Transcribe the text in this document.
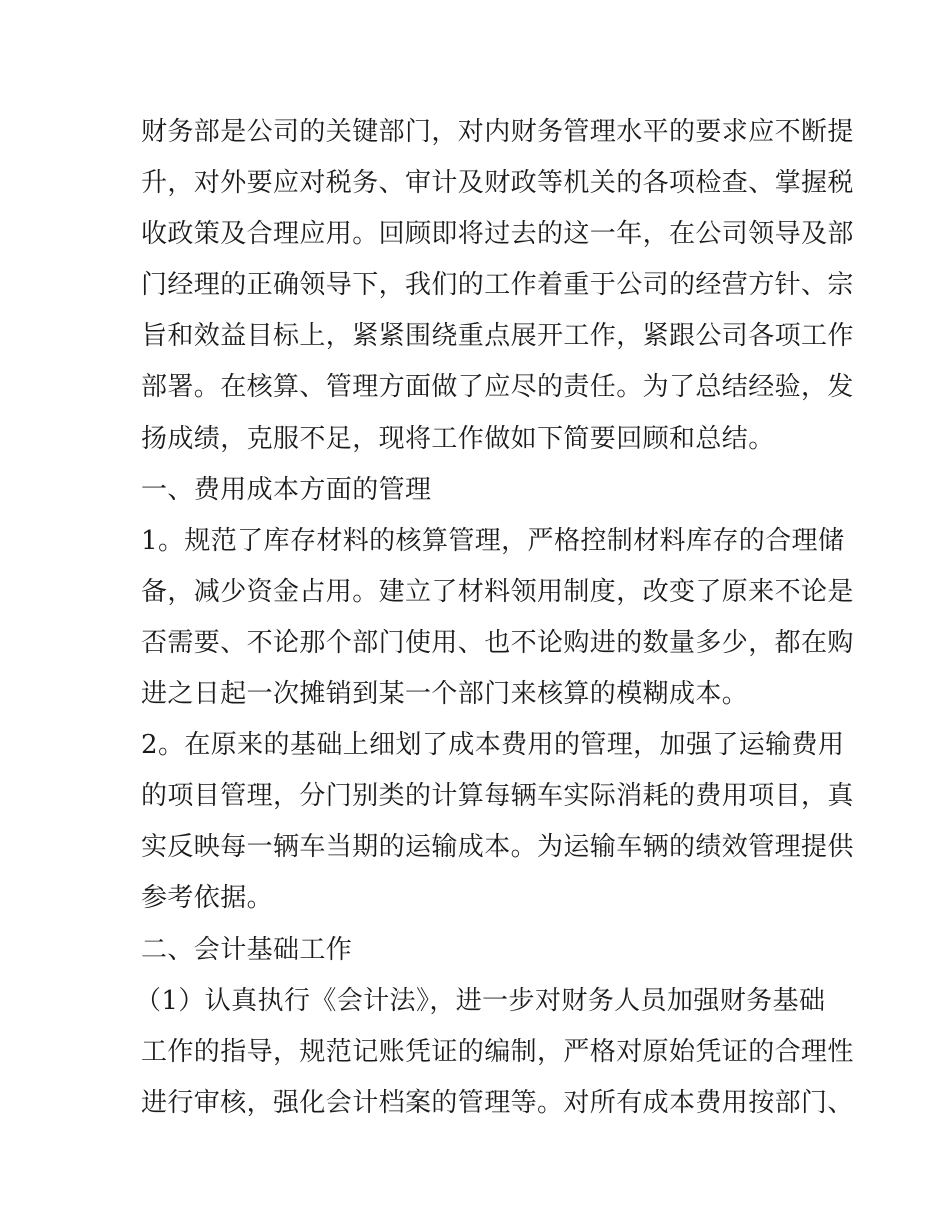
财务部是公司的关键部门，对内财务管理水平的要求应不断提
升，对外要应对税务、审计及财政等机关的各项检查、掌握税
收政策及合理应用。回顾即将过去的这一年，在公司领导及部
门经理的正确领导下，我们的工作着重于公司的经营方针、宗
旨和效益目标上，紧紧围绕重点展开工作，紧跟公司各项工作
部署。在核算、管理方面做了应尽的责任。为了总结经验，发
扬成绩，克服不足，现将工作做如下简要回顾和总结。
一、费用成本方面的管理
1。规范了库存材料的核算管理，严格控制材料库存的合理储
备，减少资金占用。建立了材料领用制度，改变了原来不论是
否需要、不论那个部门使用、也不论购进的数量多少，都在购
进之日起一次摊销到某一个部门来核算的模糊成本。
2。在原来的基础上细划了成本费用的管理，加强了运输费用
的项目管理，分门别类的计算每辆车实际消耗的费用项目，真
实反映每一辆车当期的运输成本。为运输车辆的绩效管理提供
参考依据。
二、会计基础工作
（1）认真执行《会计法》，进一步对财务人员加强财务基础
工作的指导，规范记账凭证的编制，严格对原始凭证的合理性
进行审核，强化会计档案的管理等。对所有成本费用按部门、
